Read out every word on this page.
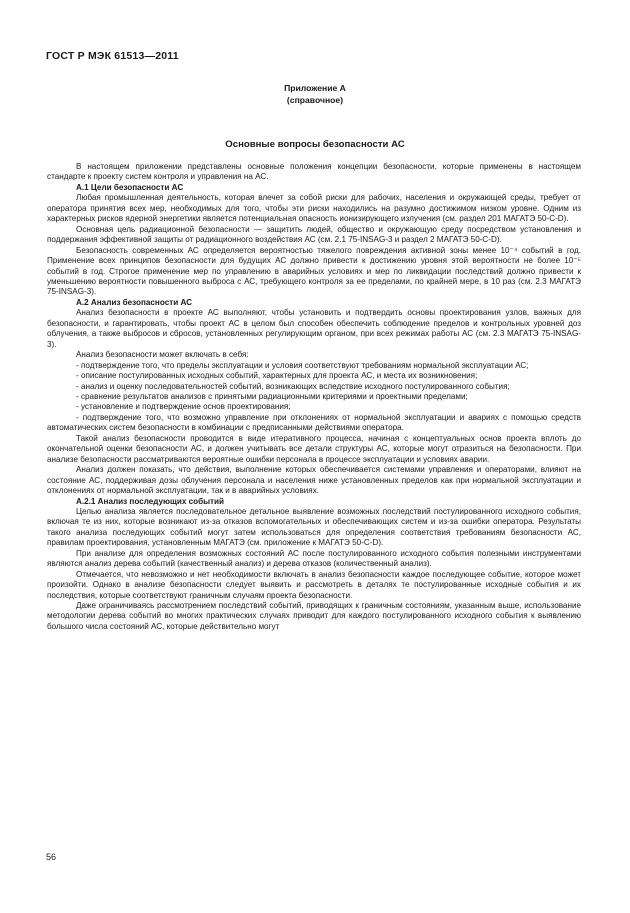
ГОСТ Р МЭК 61513—2011
Приложение А
(справочное)
Основные вопросы безопасности АС

В настоящем приложении представлены основные положения концепции безопасности, которые применены в настоящем стандарте к проекту систем контроля и управления на АС.

А.1 Цели безопасности АС

Любая промышленная деятельность, которая влечет за собой риски для рабочих, населения и окружающей среды, требует от оператора принятия всех мер, необходимых для того, чтобы эти риски находились на разумно достижимом низком уровне. Одним из характерных рисков ядерной энергетики является потенциальная опасность ионизирующего излучения (см. раздел 201 МАГАТЭ 50-С-D).

Основная цель радиационной безопасности — защитить людей, общество и окружающую среду посредством установления и поддержания эффективной защиты от радиационного воздействия АС (см. 2.1 75-INSAG-3 и раздел 2 МАГАТЭ 50-С-D).

Безопасность современных АС определяется вероятностью тяжелого повреждения активной зоны менее 10⁻⁴ событий в год. Применение всех принципов безопасности для будущих АС должно привести к достижению уровня этой вероятности не более 10⁻⁵ событий в год. Строгое применение мер по управлению в аварийных условиях и мер по ликвидации последствий должно привести к уменьшению вероятности повышенного выброса с АС, требующего контроля за ее пределами, по крайней мере, в 10 раз (см. 2.3 МАГАТЭ 75-INSAG-3).

А.2 Анализ безопасности АС

Анализ безопасности в проекте АС выполняют, чтобы установить и подтвердить основы проектирования узлов, важных для безопасности, и гарантировать, чтобы проект АС в целом был способен обеспечить соблюдение пределов и контрольных уровней доз облучения, а также выбросов и сбросов, установленных регулирующим органом, при всех режимах работы АС (см. 2.3 МАГАТЭ 75-INSAG-3).

Анализ безопасности может включать в себя:

- подтверждение того, что пределы эксплуатации и условия соответствуют требованиям нормальной эксплуатации АС;

- описание постулированных исходных событий, характерных для проекта АС, и места их возникновения;

- анализ и оценку последовательностей событий, возникающих вследствие исходного постулированного события;

- сравнение результатов анализов с принятыми радиационными критериями и проектными пределами;

- установление и подтверждение основ проектирования;

- подтверждение того, что возможно управление при отклонениях от нормальной эксплуатации и авариях с помощью средств автоматических систем безопасности в комбинации с предписанными действиями оператора.

Такой анализ безопасности проводится в виде итеративного процесса, начиная с концептуальных основ проекта вплоть до окончательной оценки безопасности АС, и должен учитывать все детали структуры АС, которые могут отразиться на безопасности. При анализе безопасности рассматриваются вероятные ошибки персонала в процессе эксплуатации и условиях аварии.

Анализ должен показать, что действия, выполнение которых обеспечивается системами управления и операторами, влияют на состояние АС, поддерживая дозы облучения персонала и населения ниже установленных пределов как при нормальной эксплуатации и отклонениях от нормальной эксплуатации, так и в аварийных условиях.

А.2.1 Анализ последующих событий

Целью анализа является последовательное детальное выявление возможных последствий постулированного исходного события, включая те из них, которые возникают из-за отказов вспомогательных и обеспечивающих систем и из-за ошибки оператора. Результаты такого анализа последующих событий могут затем использоваться для определения соответствия требованиям безопасности АС, правилам проектирования, установленным МАГАТЭ (см. приложение к МАГАТЭ 50-С-D).

При анализе для определения возможных состояний АС после постулированного исходного события полезными инструментами являются анализ дерева событий (качественный анализ) и дерева отказов (количественный анализ).

Отмечается, что невозможно и нет необходимости включать в анализ безопасности каждое последующее событие, которое может произойти. Однако в анализе безопасности следует выявить и рассмотреть в деталях те постулированные исходные события и их последствия, которые соответствуют граничным случаям проекта безопасности.

Даже ограничиваясь рассмотрением последствий событий, приводящих к граничным состояниям, указанным выше, использование методологии дерева событий во многих практических случаях приводит для каждого постулированного исходного события к выявлению большого числа состояний АС, которые действительно могут

56
